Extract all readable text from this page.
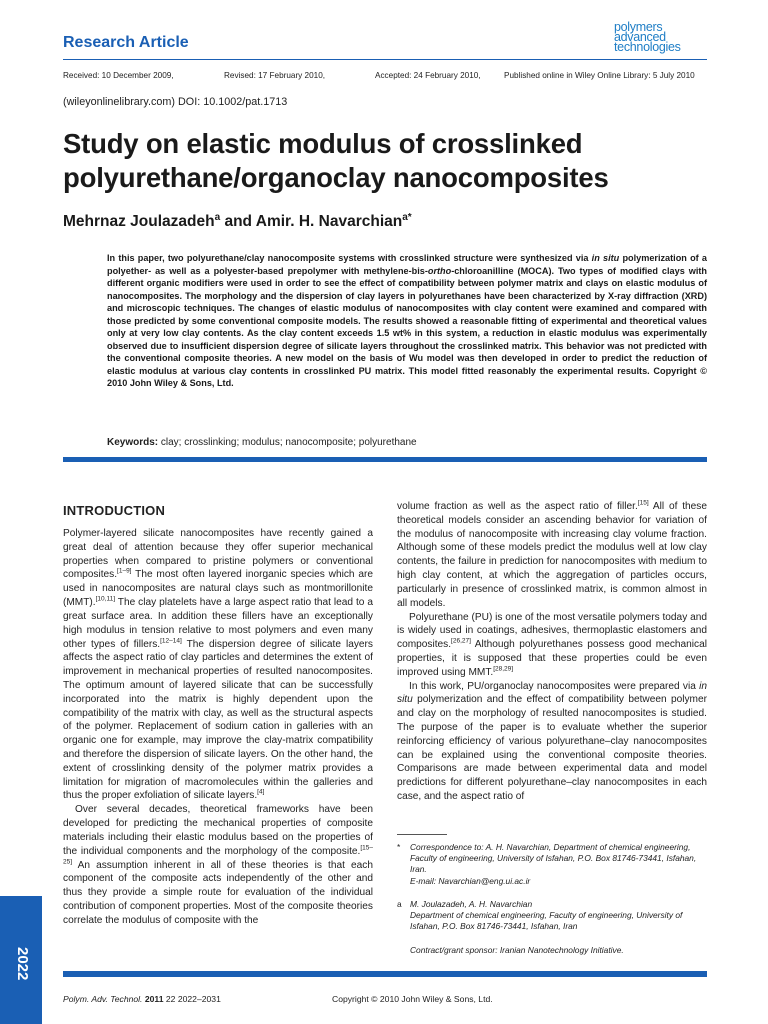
Research Article
polymers
advanced
technologies
Received: 10 December 2009,	Revised: 17 February 2010,	Accepted: 24 February 2010,	Published online in Wiley Online Library: 5 July 2010
(wileyonlinelibrary.com) DOI: 10.1002/pat.1713
Study on elastic modulus of crosslinked
polyurethane/organoclay nanocomposites
Mehrnaz Joulazadeh$^a$ and Amir. H. Navarchian$^{a*}$
In this paper, two polyurethane/clay nanocomposite systems with crosslinked structure were synthesized via in situ polymerization of a polyether- as well as a polyester-based prepolymer with methylene-bis-ortho-chloroanilline (MOCA). Two types of modified clays with different organic modifiers were used in order to see the effect of compatibility between polymer matrix and clays on elastic modulus of nanocomposites. The morphology and the dispersion of clay layers in polyurethanes have been characterized by X-ray diffraction (XRD) and microscopic techniques. The changes of elastic modulus of nanocomposites with clay content were examined and compared with those predicted by some conventional composite models. The results showed a reasonable fitting of experimental and theoretical values only at very low clay contents. As the clay content exceeds 1.5 wt% in this system, a reduction in elastic modulus was experimentally observed due to insufficient dispersion degree of silicate layers throughout the crosslinked matrix. This behavior was not predicted with the conventional composite theories. A new model on the basis of Wu model was then developed in order to predict the reduction of elastic modulus at various clay contents in crosslinked PU matrix. This model fitted reasonably the experimental results. Copyright © 2010 John Wiley & Sons, Ltd.
Keywords: clay; crosslinking; modulus; nanocomposite; polyurethane
INTRODUCTION

Polymer-layered silicate nanocomposites have recently gained a great deal of attention because they offer superior mechanical properties when compared to pristine polymers or conventional composites.[1–9] The most often layered inorganic species which are used in nanocomposites are natural clays such as montmorillonite (MMT).[10,11] The clay platelets have a large aspect ratio that lead to a great surface area. In addition these fillers have an exceptionally high modulus in tension relative to most polymers and even many other types of fillers.[12–14] The dispersion degree of silicate layers affects the aspect ratio of clay particles and determines the extent of improvement in mechanical properties of resulted nanocomposites. The optimum amount of layered silicate that can be successfully incorporated into the matrix is highly dependent upon the compatibility of the matrix with clay, as well as the structural aspects of the polymer. Replacement of sodium cation in galleries with an organic one for example, may improve the clay-matrix compatibility and therefore the dispersion of silicate layers. On the other hand, the extent of crosslinking density of the polymer matrix provides a limitation for migration of macromolecules within the galleries and thus the proper exfoliation of silicate layers.[4]

Over several decades, theoretical frameworks have been developed for predicting the mechanical properties of composite materials including their elastic modulus based on the properties of the individual components and the morphology of the composite.[15–25] An assumption inherent in all of these theories is that each component of the composite acts independently of the other and thus they provide a simple route for evaluation of the individual contribution of component properties. Most of the composite theories correlate the modulus of composite with the

volume fraction as well as the aspect ratio of filler.[15] All of these theoretical models consider an ascending behavior for variation of the modulus of nanocomposite with increasing clay volume fraction. Although some of these models predict the modulus well at low clay contents, the failure in prediction for nanocomposites with medium to high clay content, at which the aggregation of particles occurs, particularly in presence of crosslinked matrix, is common almost in all models.

Polyurethane (PU) is one of the most versatile polymers today and is widely used in coatings, adhesives, thermoplastic elastomers and composites.[26,27] Although polyurethanes possess good mechanical properties, it is supposed that these properties could be even improved using MMT.[28,29]

In this work, PU/organoclay nanocomposites were prepared via in situ polymerization and the effect of compatibility between polymer and clay on the morphology of resulted nanocomposites is studied. The purpose of the paper is to evaluate whether the superior reinforcing efficiency of various polyurethane–clay nanocomposites can be explained using the conventional composite theories. Comparisons are made between experimental data and model predictions for different polyurethane–clay nanocomposites in each case, and the aspect ratio of

* Correspondence to: A. H. Navarchian, Department of chemical engineering, Faculty of engineering, University of Isfahan, P.O. Box 81746-73441, Isfahan, Iran.
E-mail: Navarchian@eng.ui.ac.ir
a M. Joulazadeh, A. H. Navarchian
Department of chemical engineering, Faculty of engineering, University of Isfahan, P.O. Box 81746-73441, Isfahan, Iran
Contract/grant sponsor: Iranian Nanotechnology Initiative.
Polym. Adv. Technol. 2011 22 2022–2031	Copyright © 2010 John Wiley & Sons, Ltd.
2022
